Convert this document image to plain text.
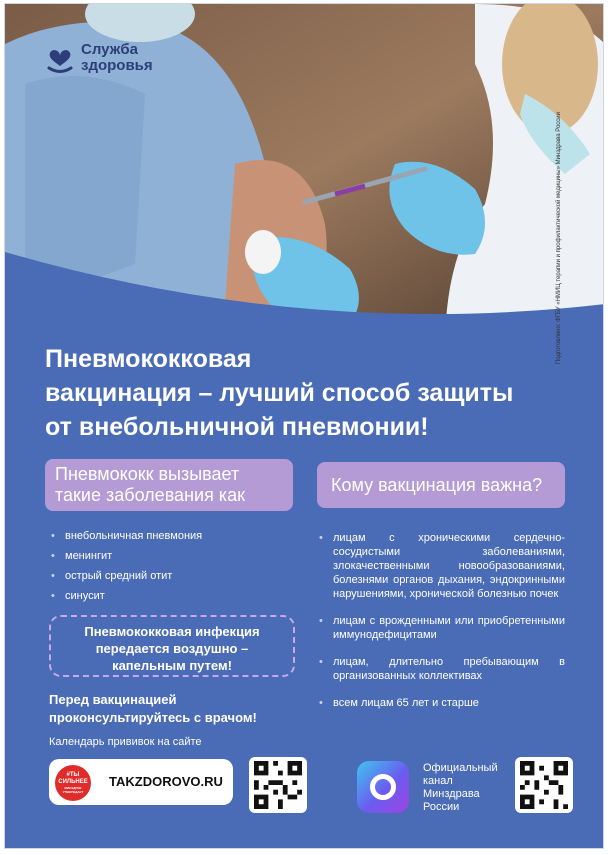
Служба
здоровья
Подготовлено: ФГБУ «НМИЦ терапии и профилактической медицины» Минздрава России
Пневмококковая
вакцинация – лучший способ защиты
от внебольничной пневмонии!
Пневмококк вызывает
такие заболевания как
• внебольничная пневмония
• менингит
• острый средний отит
• синусит
Пневмококковая инфекция
передается воздушно –
капельным путем!
Перед вакцинацией
проконсультируйтесь с врачом!
Кому вакцинация важна?
• лицам с хроническими сердечно-сосудистыми заболеваниями, злокачественными новообразованиями, болезнями органов дыхания, эндокринными нарушениями, хронической болезнью почек
• лицам с врожденными или приобретенными иммунодефицитами
• лицам, длительно пребывающим в организованных коллективах
• всем лицам 65 лет и старше
Календарь прививок на сайте
#ТЫ
СИЛЬНЕЕ
МИНЗДРАВ УТВЕРЖДАЕТ
TAKZDOROVO.RU
Официальный
канал
Минздрава
России
